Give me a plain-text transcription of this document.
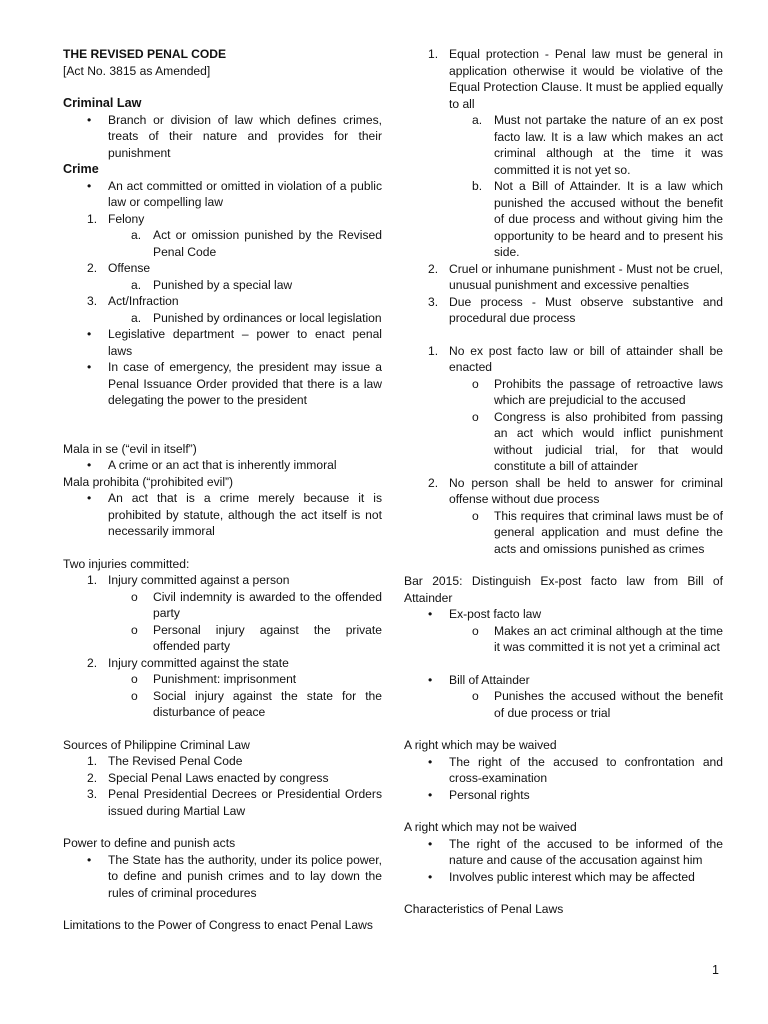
THE REVISED PENAL CODE
[Act No. 3815 as Amended]
Criminal Law
• Branch or division of law which defines crimes, treats of their nature and provides for their punishment
Crime
• An act committed or omitted in violation of a public law or compelling law
1. Felony
a. Act or omission punished by the Revised Penal Code
2. Offense
a. Punished by a special law
3. Act/Infraction
a. Punished by ordinances or local legislation
• Legislative department – power to enact penal laws
• In case of emergency, the president may issue a Penal Issuance Order provided that there is a law delegating the power to the president
Mala in se (“evil in itself”)
• A crime or an act that is inherently immoral
Mala prohibita (“prohibited evil”)
• An act that is a crime merely because it is prohibited by statute, although the act itself is not necessarily immoral
Two injuries committed:
1. Injury committed against a person
o Civil indemnity is awarded to the offended party
o Personal injury against the private offended party
2. Injury committed against the state
o Punishment: imprisonment
o Social injury against the state for the disturbance of peace
Sources of Philippine Criminal Law
1. The Revised Penal Code
2. Special Penal Laws enacted by congress
3. Penal Presidential Decrees or Presidential Orders issued during Martial Law
Power to define and punish acts
• The State has the authority, under its police power, to define and punish crimes and to lay down the rules of criminal procedures
Limitations to the Power of Congress to enact Penal Laws
1. Equal protection - Penal law must be general in application otherwise it would be violative of the Equal Protection Clause. It must be applied equally to all
a. Must not partake the nature of an ex post facto law. It is a law which makes an act criminal although at the time it was committed it is not yet so.
b. Not a Bill of Attainder. It is a law which punished the accused without the benefit of due process and without giving him the opportunity to be heard and to present his side.
2. Cruel or inhumane punishment - Must not be cruel, unusual punishment and excessive penalties
3. Due process - Must observe substantive and procedural due process
1. No ex post facto law or bill of attainder shall be enacted
o Prohibits the passage of retroactive laws which are prejudicial to the accused
o Congress is also prohibited from passing an act which would inflict punishment without judicial trial, for that would constitute a bill of attainder
2. No person shall be held to answer for criminal offense without due process
o This requires that criminal laws must be of general application and must define the acts and omissions punished as crimes
Bar 2015: Distinguish Ex-post facto law from Bill of Attainder
• Ex-post facto law
o Makes an act criminal although at the time it was committed it is not yet a criminal act
• Bill of Attainder
o Punishes the accused without the benefit of due process or trial
A right which may be waived
• The right of the accused to confrontation and cross-examination
• Personal rights
A right which may not be waived
• The right of the accused to be informed of the nature and cause of the accusation against him
• Involves public interest which may be affected
Characteristics of Penal Laws
1
